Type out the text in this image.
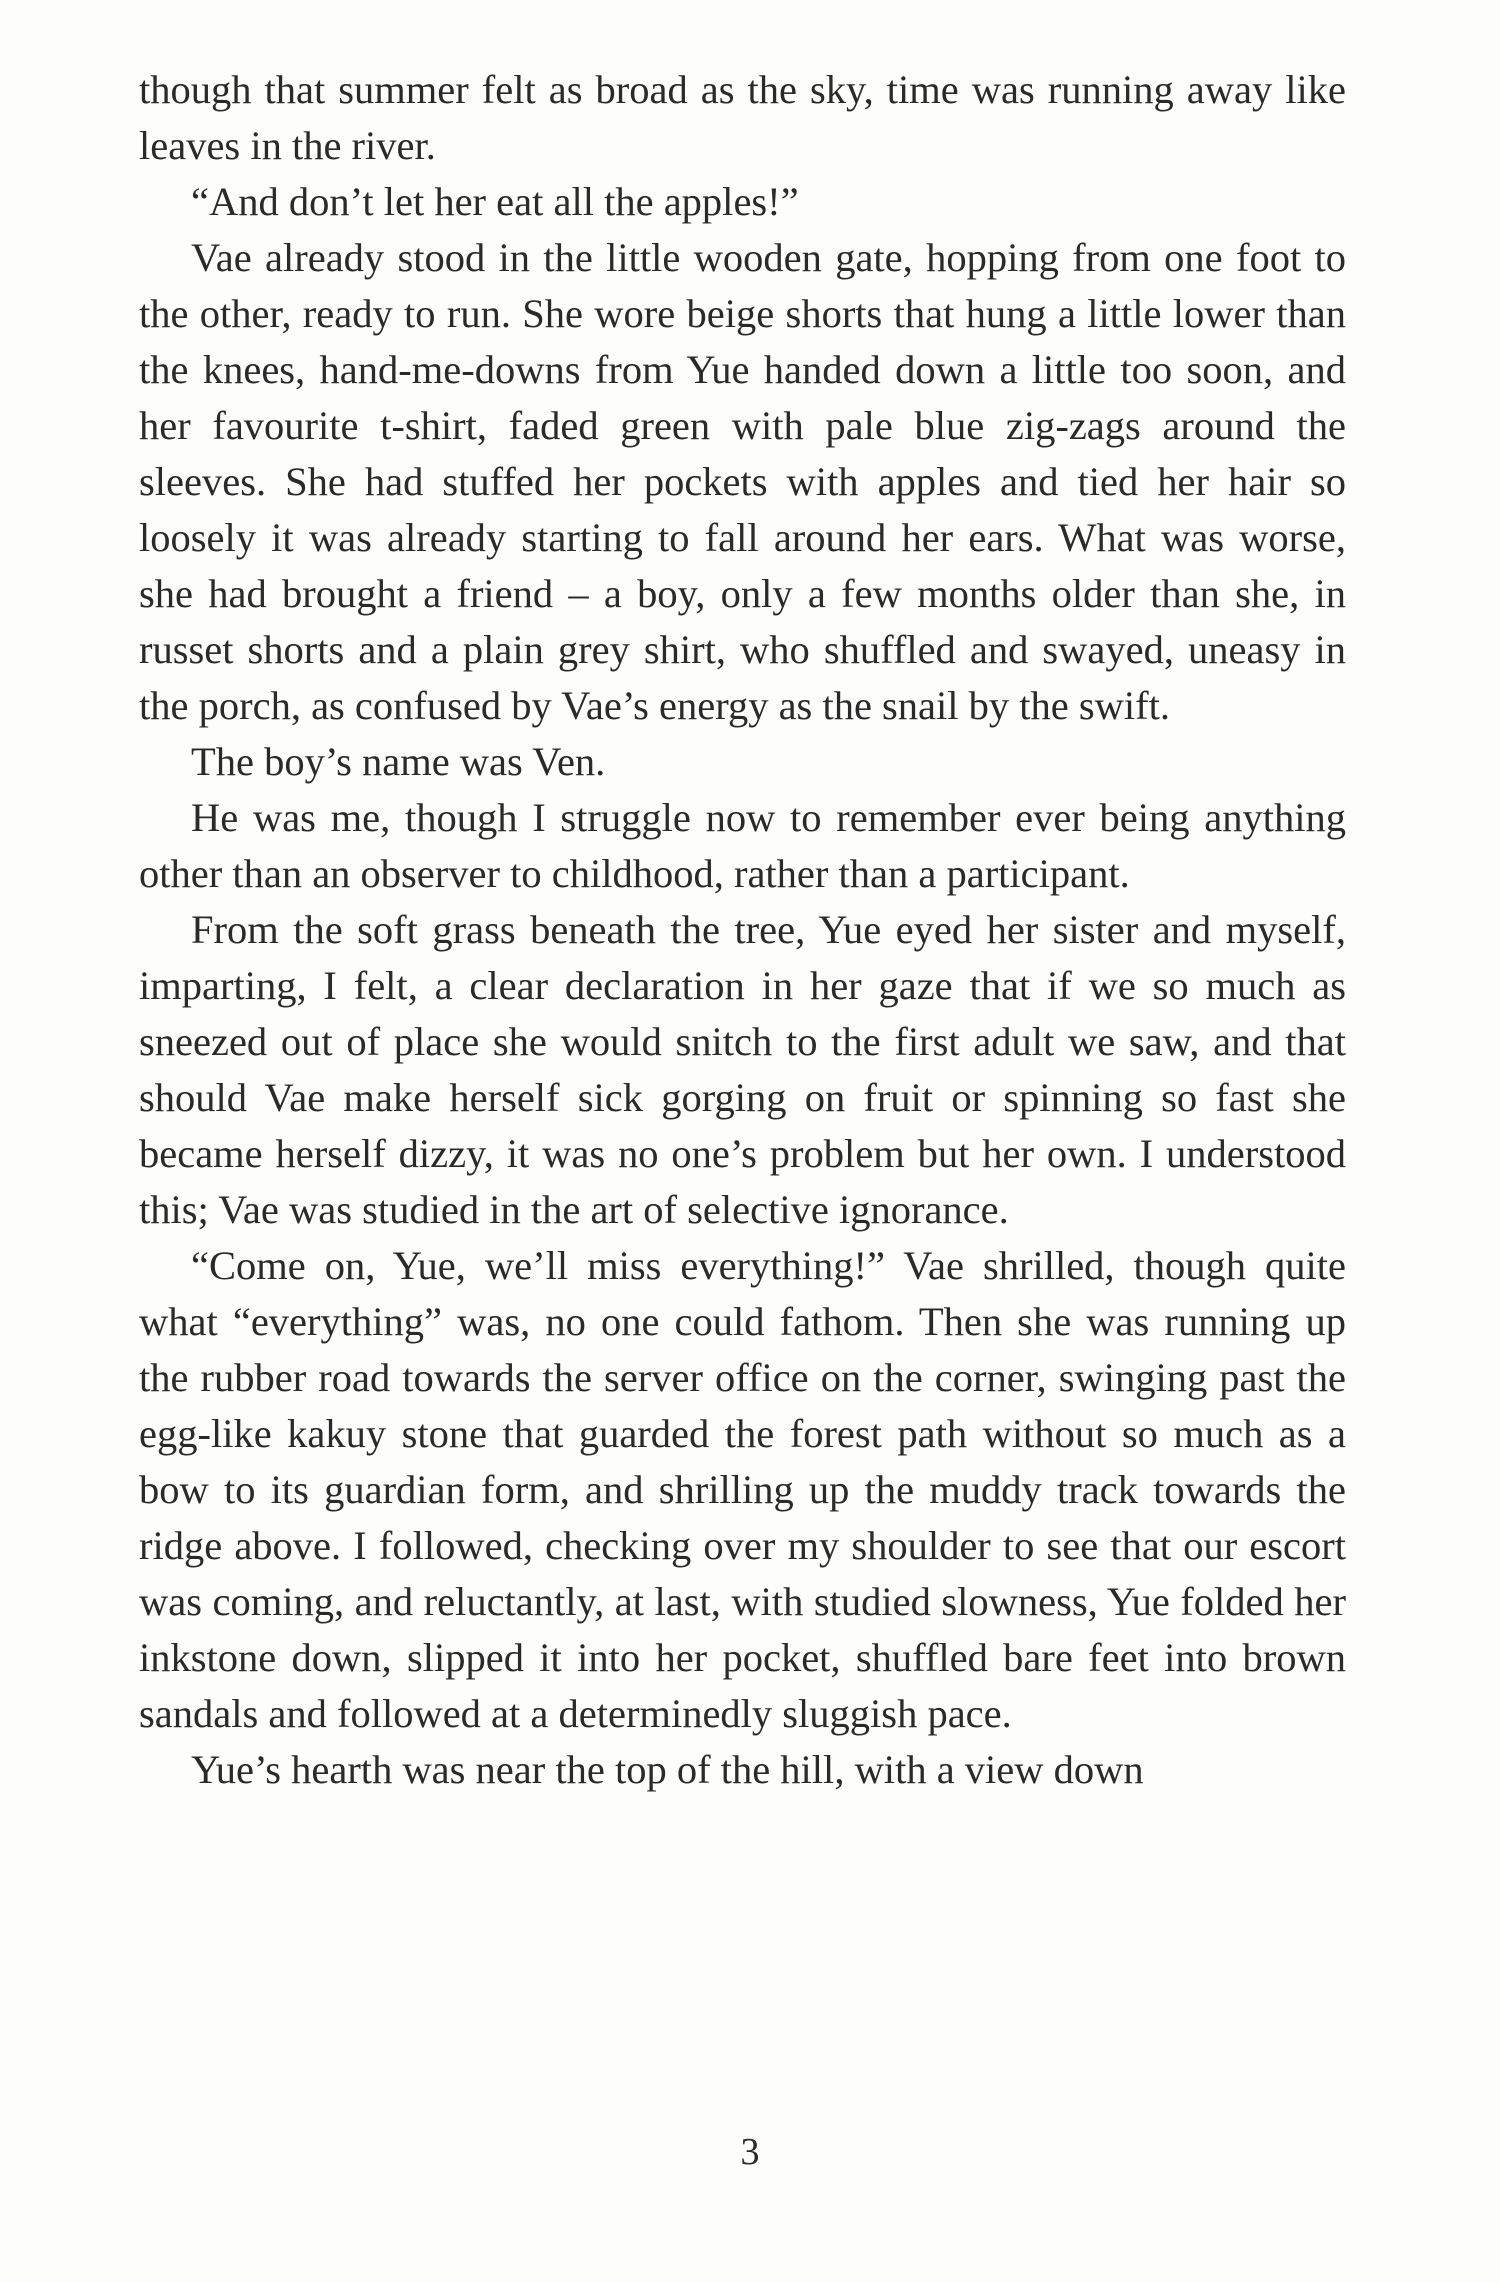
though that summer felt as broad as the sky, time was running away like leaves in the river.

“And don’t let her eat all the apples!”

Vae already stood in the little wooden gate, hopping from one foot to the other, ready to run. She wore beige shorts that hung a little lower than the knees, hand-me-downs from Yue handed down a little too soon, and her favourite t-shirt, faded green with pale blue zig-zags around the sleeves. She had stuffed her pockets with apples and tied her hair so loosely it was already starting to fall around her ears. What was worse, she had brought a friend – a boy, only a few months older than she, in russet shorts and a plain grey shirt, who shuffled and swayed, uneasy in the porch, as confused by Vae’s energy as the snail by the swift.

The boy’s name was Ven.

He was me, though I struggle now to remember ever being anything other than an observer to childhood, rather than a participant.

From the soft grass beneath the tree, Yue eyed her sister and myself, imparting, I felt, a clear declaration in her gaze that if we so much as sneezed out of place she would snitch to the first adult we saw, and that should Vae make herself sick gorging on fruit or spinning so fast she became herself dizzy, it was no one’s problem but her own. I understood this; Vae was studied in the art of selective ignorance.

“Come on, Yue, we’ll miss everything!” Vae shrilled, though quite what “everything” was, no one could fathom. Then she was running up the rubber road towards the server office on the corner, swinging past the egg-like kakuy stone that guarded the forest path without so much as a bow to its guardian form, and shrilling up the muddy track towards the ridge above. I followed, checking over my shoulder to see that our escort was coming, and reluctantly, at last, with studied slowness, Yue folded her inkstone down, slipped it into her pocket, shuffled bare feet into brown sandals and followed at a determinedly sluggish pace.

Yue’s hearth was near the top of the hill, with a view down

3
